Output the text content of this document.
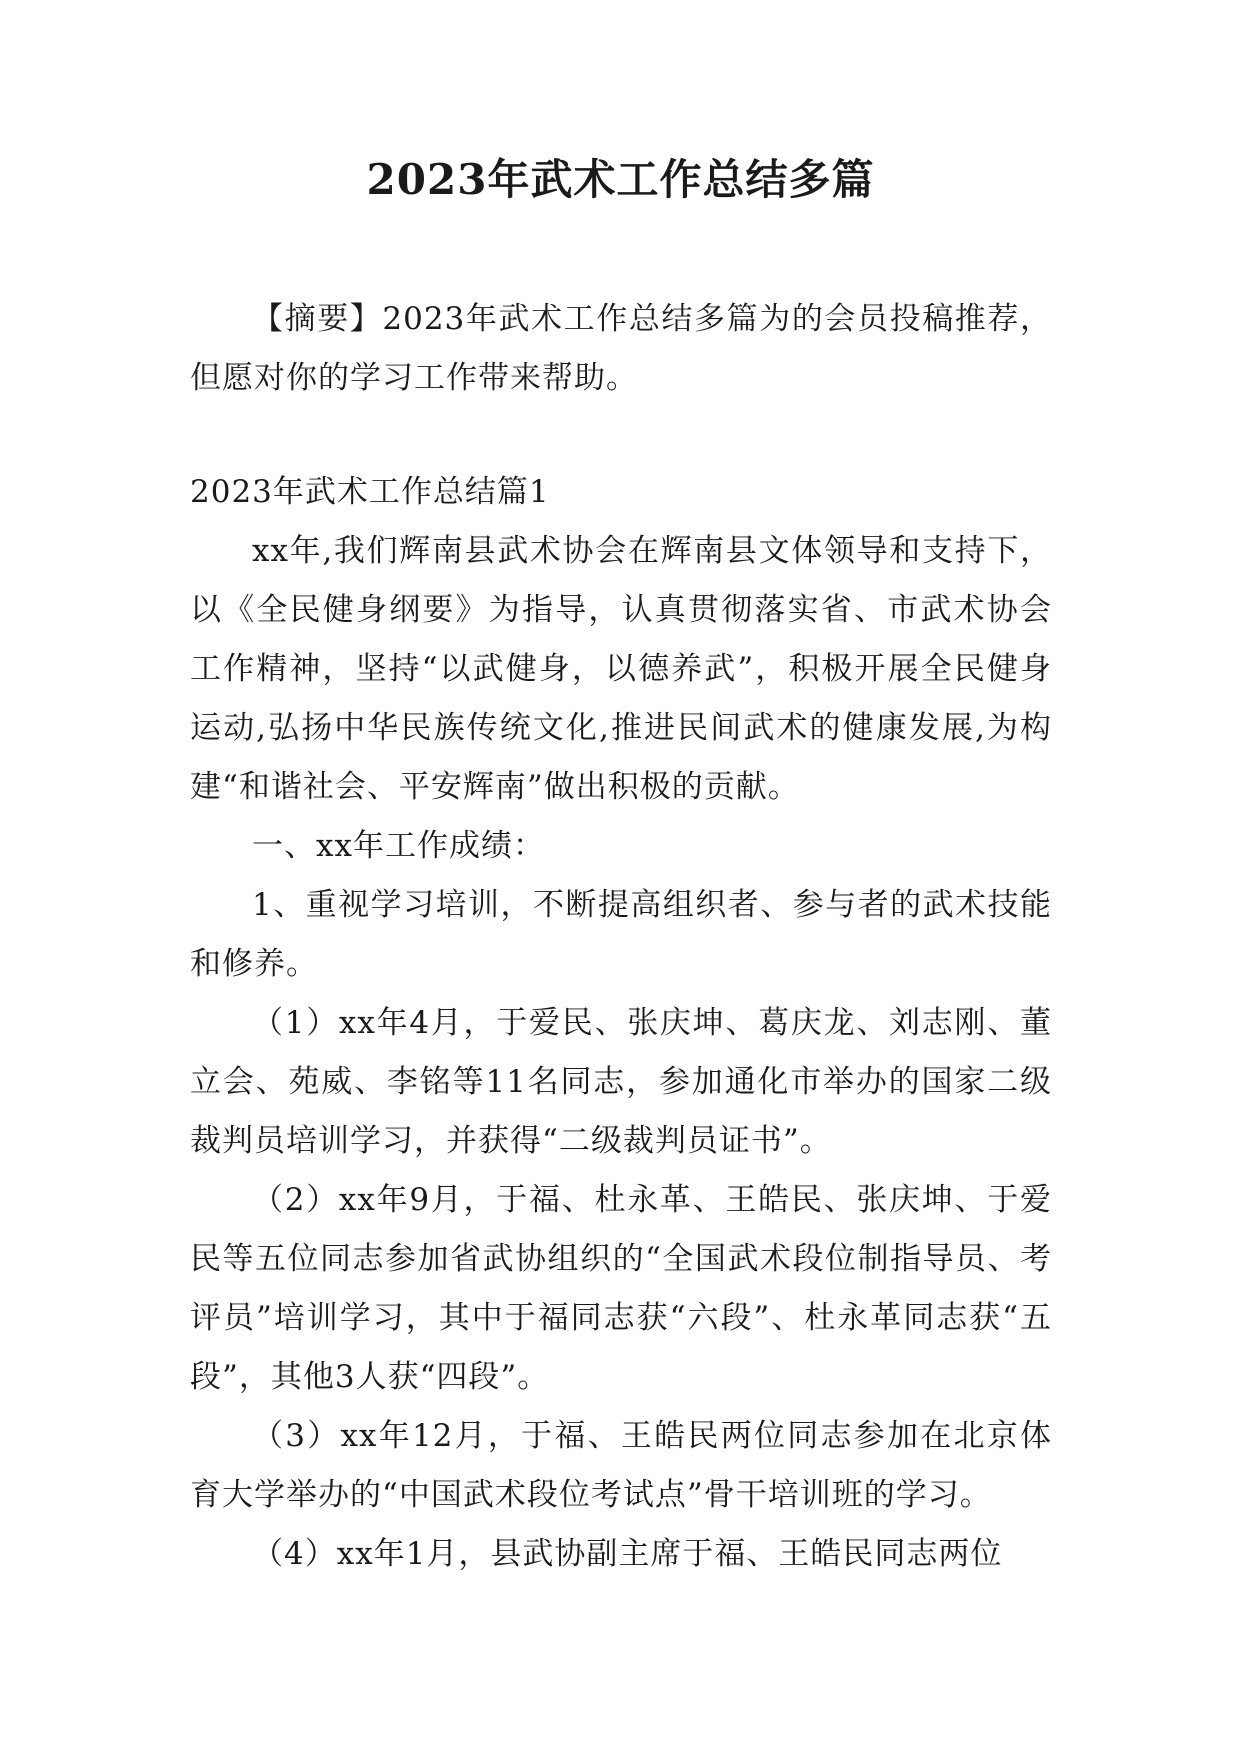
2023年武术工作总结多篇

【摘要】2023年武术工作总结多篇为的会员投稿推荐，但愿对你的学习工作带来帮助。

2023年武术工作总结篇1

xx年,我们辉南县武术协会在辉南县文体领导和支持下，以《全民健身纲要》为指导，认真贯彻落实省、市武术协会工作精神，坚持“以武健身，以德养武”，积极开展全民健身运动,弘扬中华民族传统文化,推进民间武术的健康发展,为构建“和谐社会、平安辉南”做出积极的贡献。

一、xx年工作成绩：

1、重视学习培训，不断提高组织者、参与者的武术技能和修养。

（1）xx年4月，于爱民、张庆坤、葛庆龙、刘志刚、董立会、苑威、李铭等11名同志，参加通化市举办的国家二级裁判员培训学习，并获得“二级裁判员证书”。

（2）xx年9月，于福、杜永革、王皓民、张庆坤、于爱民等五位同志参加省武协组织的“全国武术段位制指导员、考评员”培训学习，其中于福同志获“六段”、杜永革同志获“五段”，其他3人获“四段”。

（3）xx年12月，于福、王皓民两位同志参加在北京体育大学举办的“中国武术段位考试点”骨干培训班的学习。

（4）xx年1月，县武协副主席于福、王皓民同志两位
